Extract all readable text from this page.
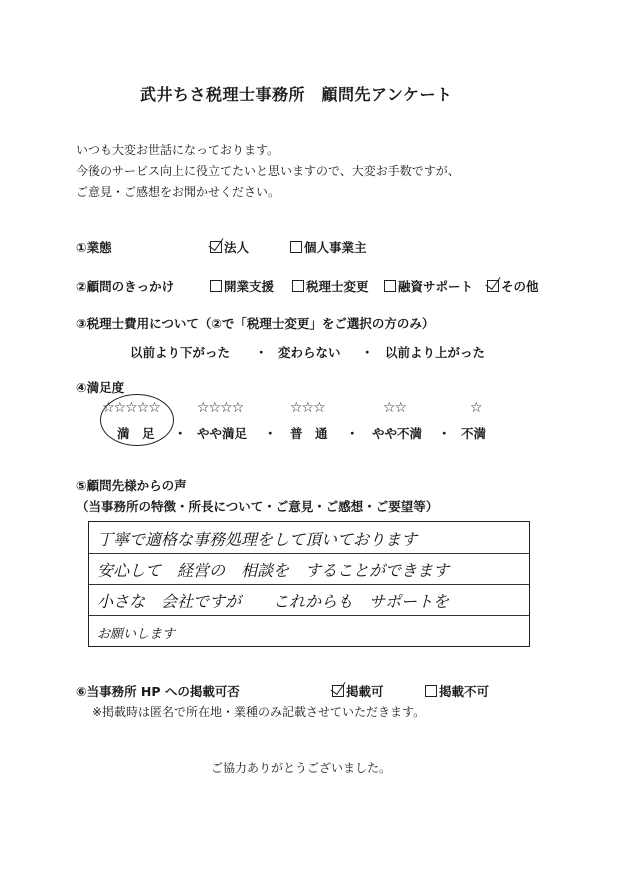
武井ちさ税理士事務所　顧問先アンケート
いつも大変お世話になっております。
今後のサービス向上に役立てたいと思いますので、大変お手数ですが、
ご意見・ご感想をお聞かせください。
①業態	法人	個人事業主
②顧問のきっかけ	開業支援	税理士変更	融資サポート	その他
③税理士費用について（②で「税理士変更」をご選択の方のみ）
以前より下がった ・ 変わらない ・ 以前より上がった
④満足度
☆☆☆☆☆	☆☆☆☆	☆☆☆	☆☆	☆
満　足 ・ やや満足 ・ 普　通 ・ やや不満 ・ 不満
⑤顧問先様からの声
（当事務所の特徴・所長について・ご意見・ご感想・ご要望等）
丁寧で適格な事務処理をして頂いております
安心して　経営の　相談を　することができます
小さな　会社ですが　　これからも　サポートを
お願いします
⑥当事務所 HP への掲載可否	掲載可	掲載不可
※掲載時は匿名で所在地・業種のみ記載させていただきます。
ご協力ありがとうございました。
